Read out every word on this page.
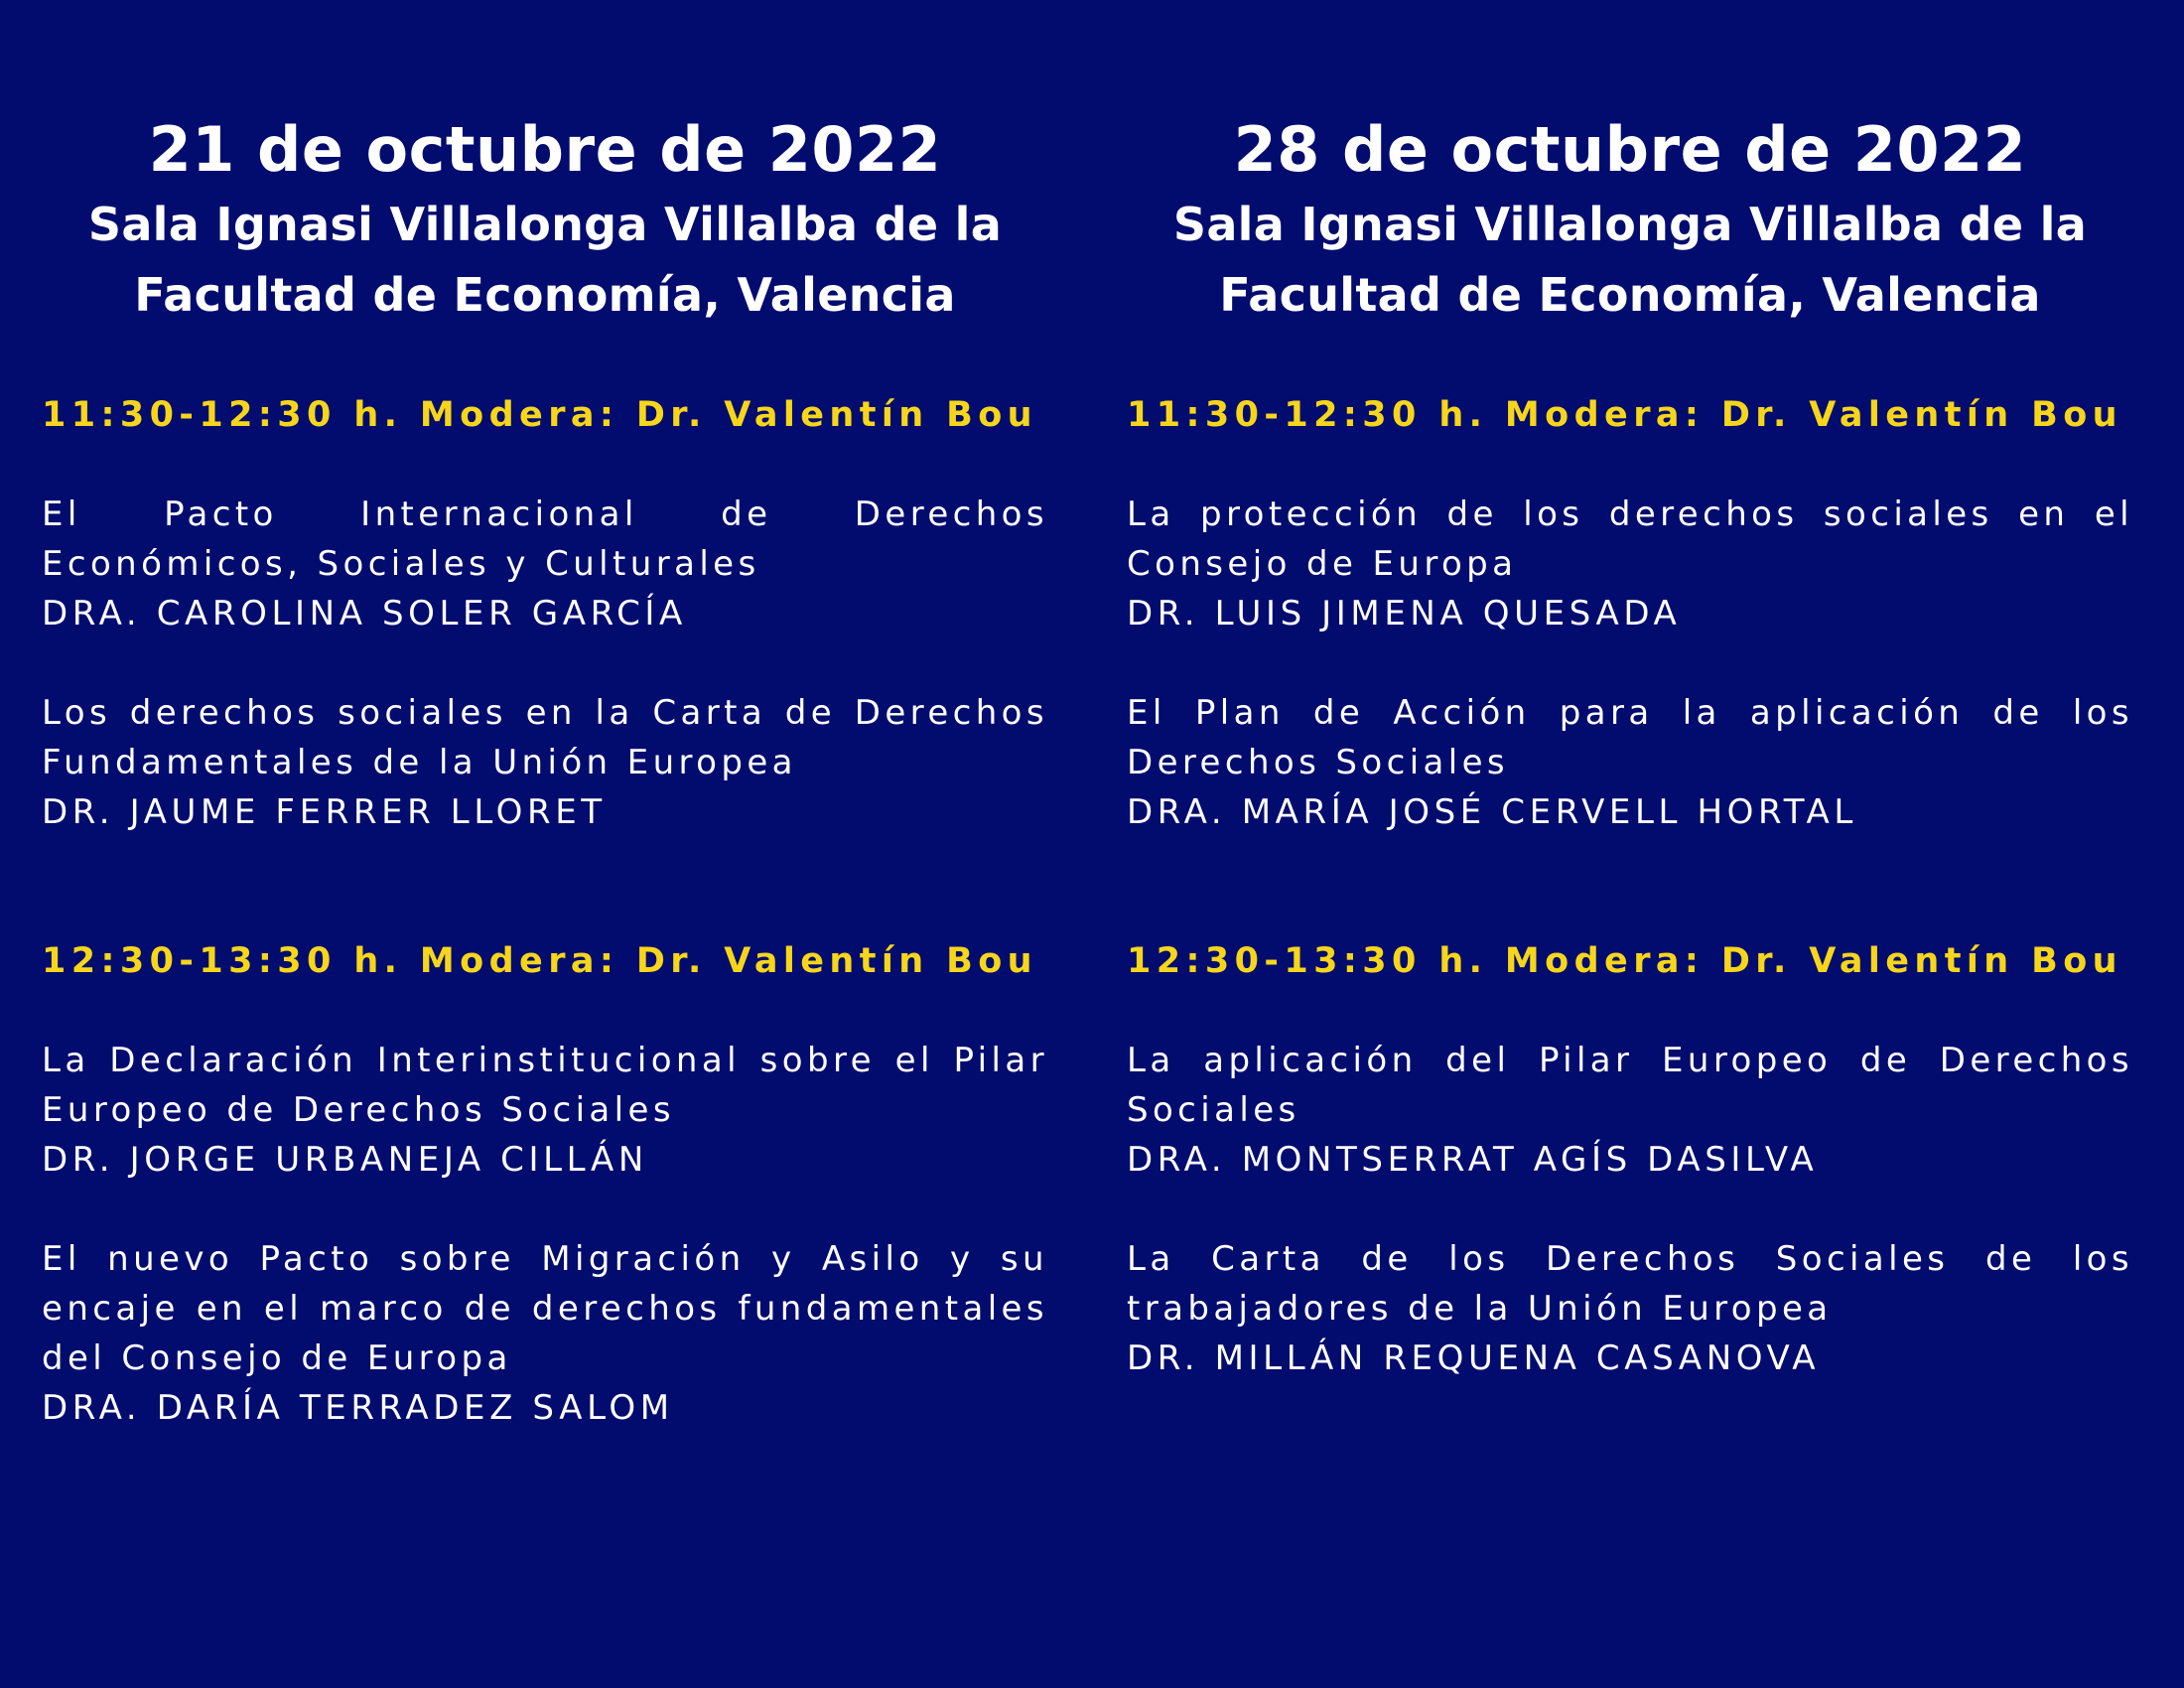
21 de octubre de 2022
Sala Ignasi Villalonga Villalba de la
Facultad de Economía, Valencia
11:30-12:30 h. Modera: Dr. Valentín Bou
El Pacto Internacional de Derechos Económicos, Sociales y Culturales
DRA. CAROLINA SOLER GARCÍA
Los derechos sociales en la Carta de Derechos Fundamentales de la Unión Europea
DR. JAUME FERRER LLORET
12:30-13:30 h. Modera: Dr. Valentín Bou
La Declaración Interinstitucional sobre el Pilar Europeo de Derechos Sociales
DR. JORGE URBANEJA CILLÁN
El nuevo Pacto sobre Migración y Asilo y su encaje en el marco de derechos fundamentales del Consejo de Europa
DRA. DARÍA TERRADEZ SALOM
28 de octubre de 2022
Sala Ignasi Villalonga Villalba de la
Facultad de Economía, Valencia
11:30-12:30 h. Modera: Dr. Valentín Bou
La protección de los derechos sociales en el Consejo de Europa
DR. LUIS JIMENA QUESADA
El Plan de Acción para la aplicación de los Derechos Sociales
DRA. MARÍA JOSÉ CERVELL HORTAL
12:30-13:30 h. Modera: Dr. Valentín Bou
La aplicación del Pilar Europeo de Derechos Sociales
DRA. MONTSERRAT AGÍS DASILVA
La Carta de los Derechos Sociales de los trabajadores de la Unión Europea
DR. MILLÁN REQUENA CASANOVA
